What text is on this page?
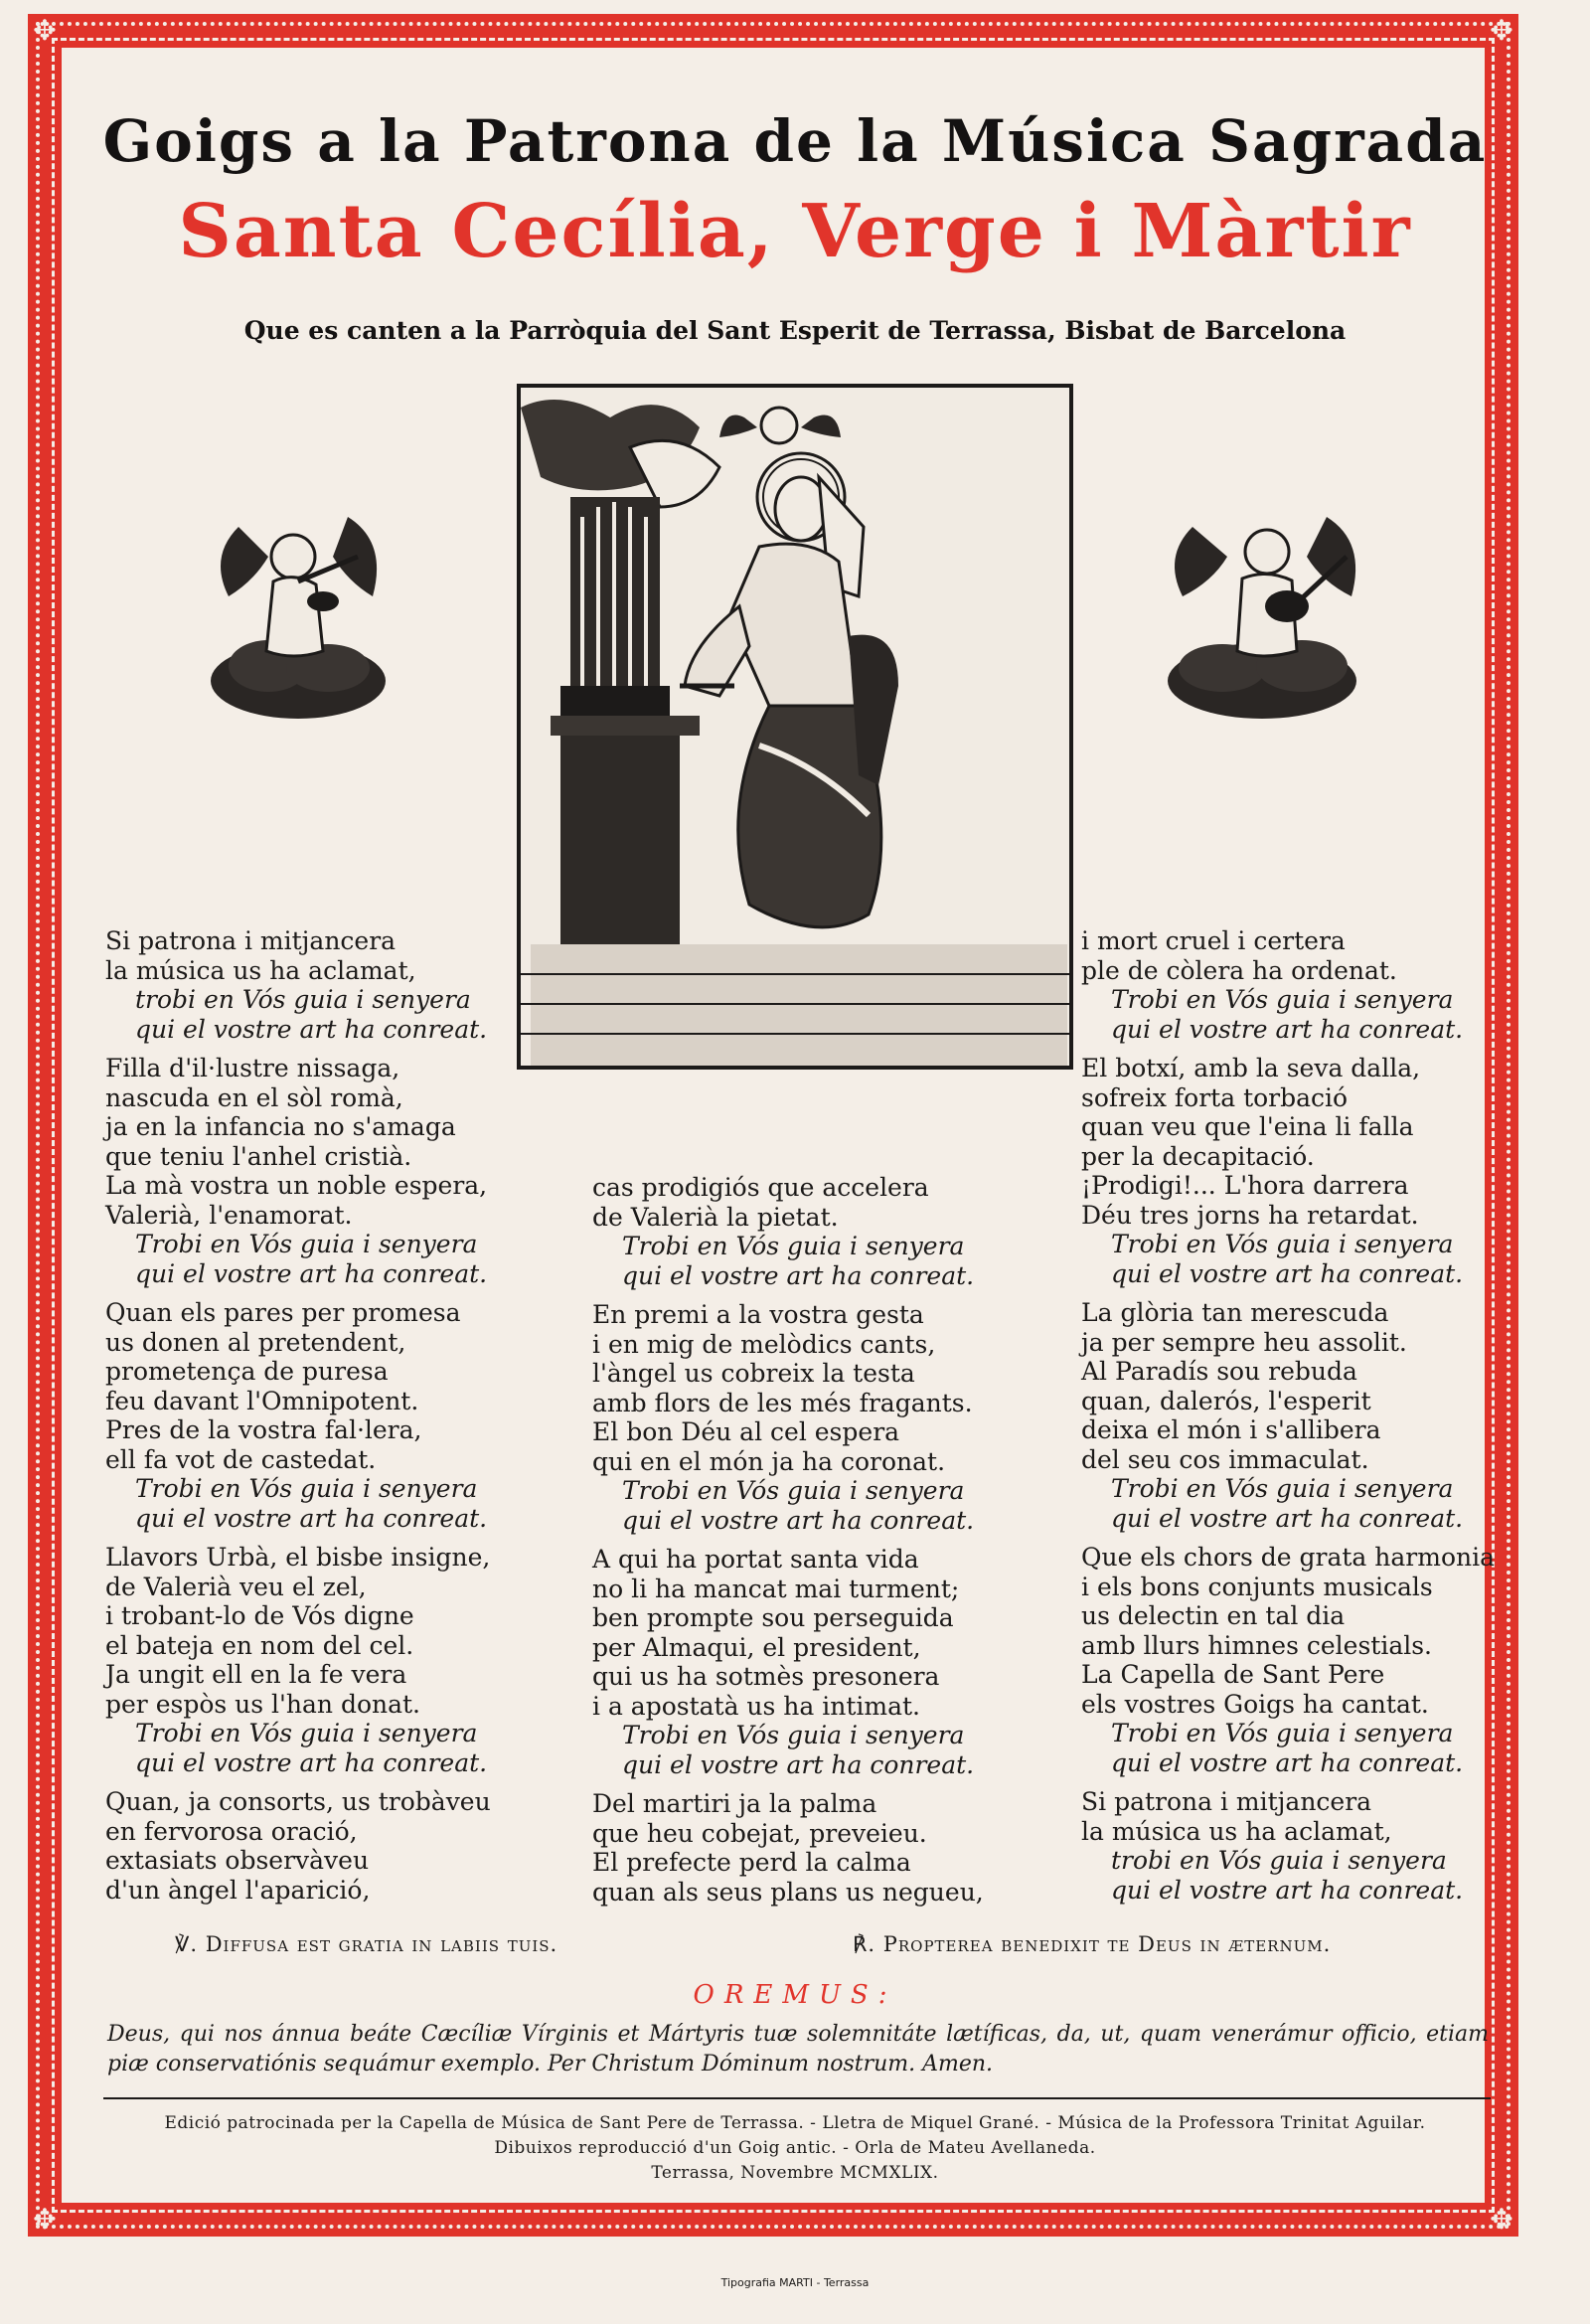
✥	✥
✥	✥
Goigs a la Patrona de la Música Sagrada
Santa Cecília, Verge i Màrtir
Que es canten a la Parròquia del Sant Esperit de Terrassa, Bisbat de Barcelona
Si patrona i mitjancera
la música us ha aclamat,
trobi en Vós guia i senyera
qui el vostre art ha conreat.
Filla d'il·lustre nissaga,
nascuda en el sòl romà,
ja en la infancia no s'amaga
que teniu l'anhel cristià.
La mà vostra un noble espera,
Valerià, l'enamorat.
Trobi en Vós guia i senyera
qui el vostre art ha conreat.
Quan els pares per promesa
us donen al pretendent,
prometença de puresa
feu davant l'Omnipotent.
Pres de la vostra fal·lera,
ell fa vot de castedat.
Trobi en Vós guia i senyera
qui el vostre art ha conreat.
Llavors Urbà, el bisbe insigne,
de Valerià veu el zel,
i trobant-lo de Vós digne
el bateja en nom del cel.
Ja ungit ell en la fe vera
per espòs us l'han donat.
Trobi en Vós guia i senyera
qui el vostre art ha conreat.
Quan, ja consorts, us trobàveu
en fervorosa oració,
extasiats observàveu
d'un àngel l'aparició,
cas prodigiós que accelera
de Valerià la pietat.
Trobi en Vós guia i senyera
qui el vostre art ha conreat.
En premi a la vostra gesta
i en mig de melòdics cants,
l'àngel us cobreix la testa
amb flors de les més fragants.
El bon Déu al cel espera
qui en el món ja ha coronat.
Trobi en Vós guia i senyera
qui el vostre art ha conreat.
A qui ha portat santa vida
no li ha mancat mai turment;
ben prompte sou perseguida
per Almaqui, el president,
qui us ha sotmès presonera
i a apostatà us ha intimat.
Trobi en Vós guia i senyera
qui el vostre art ha conreat.
Del martiri ja la palma
que heu cobejat, preveieu.
El prefecte perd la calma
quan als seus plans us negueu,
i mort cruel i certera
ple de còlera ha ordenat.
Trobi en Vós guia i senyera
qui el vostre art ha conreat.
El botxí, amb la seva dalla,
sofreix forta torbació
quan veu que l'eina li falla
per la decapitació.
¡Prodigi!... L'hora darrera
Déu tres jorns ha retardat.
Trobi en Vós guia i senyera
qui el vostre art ha conreat.
La glòria tan merescuda
ja per sempre heu assolit.
Al Paradís sou rebuda
quan, dalerós, l'esperit
deixa el món i s'allibera
del seu cos immaculat.
Trobi en Vós guia i senyera
qui el vostre art ha conreat.
Que els chors de grata harmonia
i els bons conjunts musicals
us delectin en tal dia
amb llurs himnes celestials.
La Capella de Sant Pere
els vostres Goigs ha cantat.
Trobi en Vós guia i senyera
qui el vostre art ha conreat.
Si patrona i mitjancera
la música us ha aclamat,
trobi en Vós guia i senyera
qui el vostre art ha conreat.
℣. Diffusa est gratia in labiis tuis.	℟. Propterea benedixit te Deus in æternum.
OREMUS:
Deus, qui nos ánnua beáte Cæcíliæ Vírginis et Mártyris tuæ solemnitáte lætíficas, da, ut, quam venerámur officio, etiam piæ conservatiónis sequámur exemplo. Per Christum Dóminum nostrum. Amen.
Edició patrocinada per la Capella de Música de Sant Pere de Terrassa. - Lletra de Miquel Grané. - Música de la Professora Trinitat Aguilar.
Dibuixos reproducció d'un Goig antic. - Orla de Mateu Avellaneda.
Terrassa, Novembre MCMXLIX.
Tipografia MARTI - Terrassa
